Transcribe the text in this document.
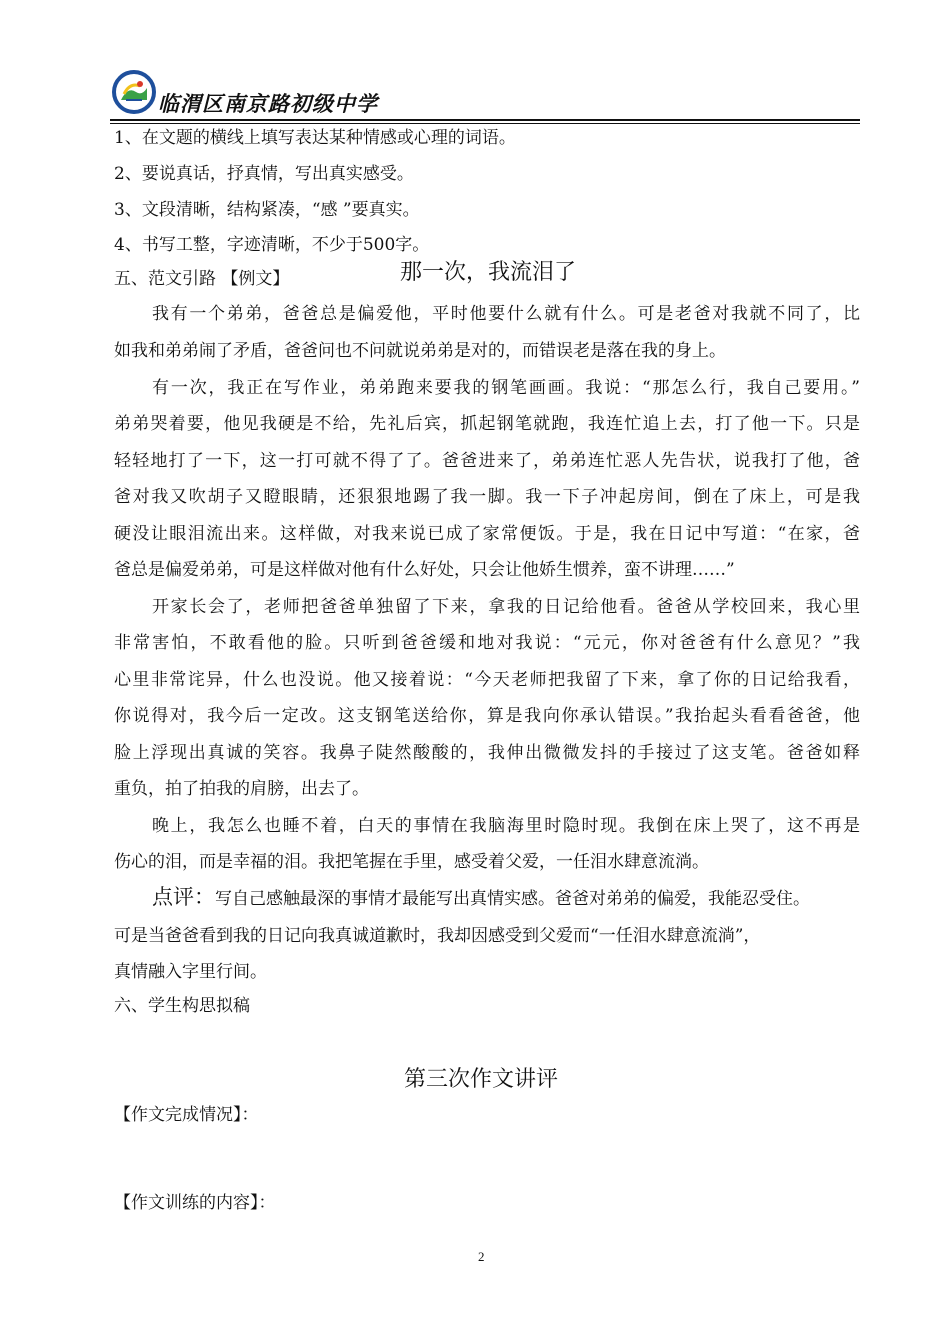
临渭区南京路初级中学
1、在文题的横线上填写表达某种情感或心理的词语。
2、要说真话，抒真情，写出真实感受。
3、文段清晰，结构紧凑，“感 ”要真实。
4、书写工整，字迹清晰，不少于500字。
五、范文引路 【例文】	那一次，我流泪了
我有一个弟弟，爸爸总是偏爱他，平时他要什么就有什么。可是老爸对我就不同了，比
如我和弟弟闹了矛盾，爸爸问也不问就说弟弟是对的，而错误老是落在我的身上。
有一次，我正在写作业，弟弟跑来要我的钢笔画画。我说：“那怎么行，我自己要用。”
弟弟哭着要，他见我硬是不给，先礼后宾，抓起钢笔就跑，我连忙追上去，打了他一下。只是
轻轻地打了一下，这一打可就不得了了。爸爸进来了，弟弟连忙恶人先告状，说我打了他，爸
爸对我又吹胡子又瞪眼睛，还狠狠地踢了我一脚。我一下子冲起房间，倒在了床上，可是我
硬没让眼泪流出来。这样做，对我来说已成了家常便饭。于是，我在日记中写道：“在家，爸
爸总是偏爱弟弟，可是这样做对他有什么好处，只会让他娇生惯养，蛮不讲理……”
开家长会了，老师把爸爸单独留了下来，拿我的日记给他看。爸爸从学校回来，我心里
非常害怕，不敢看他的脸。只听到爸爸缓和地对我说：“元元，你对爸爸有什么意见？”我
心里非常诧异，什么也没说。他又接着说：“今天老师把我留了下来，拿了你的日记给我看，
你说得对，我今后一定改。这支钢笔送给你，算是我向你承认错误。”我抬起头看看爸爸，他
脸上浮现出真诚的笑容。我鼻子陡然酸酸的，我伸出微微发抖的手接过了这支笔。爸爸如释
重负，拍了拍我的肩膀，出去了。
晚上，我怎么也睡不着，白天的事情在我脑海里时隐时现。我倒在床上哭了，这不再是
伤心的泪，而是幸福的泪。我把笔握在手里，感受着父爱，一任泪水肆意流淌。
点评：写自己感触最深的事情才最能写出真情实感。爸爸对弟弟的偏爱，我能忍受住。
可是当爸爸看到我的日记向我真诚道歉时，我却因感受到父爱而“一任泪水肆意流淌”，
真情融入字里行间。
六、学生构思拟稿
第三次作文讲评
【作文完成情况】：
【作文训练的内容】：
2
